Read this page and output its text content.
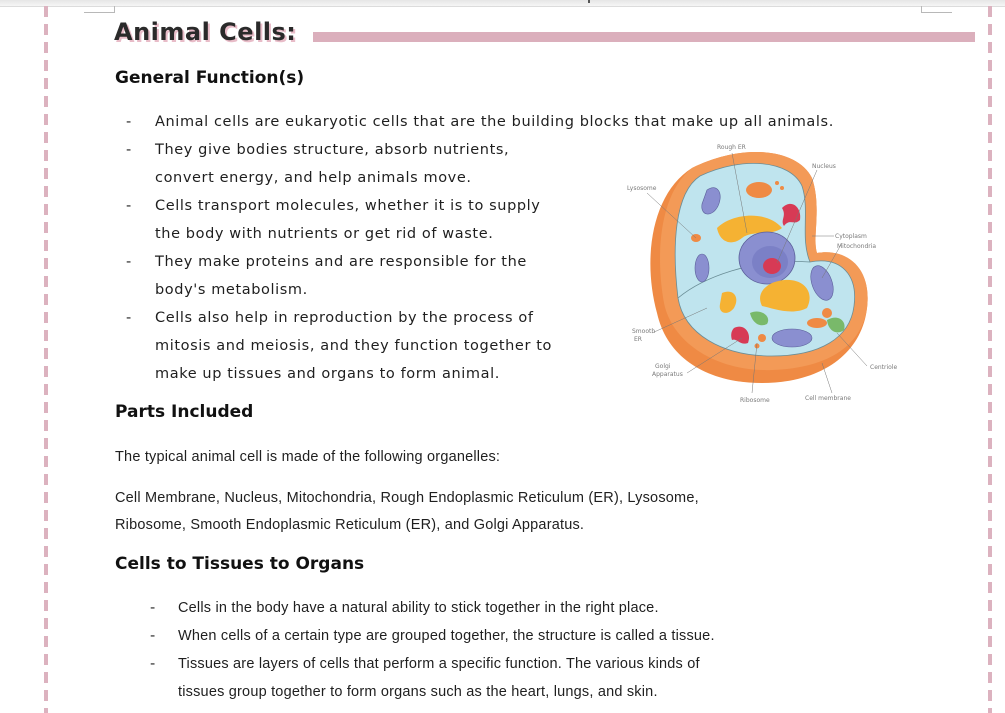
Animal Cells:
General Function(s)
- Animal cells are eukaryotic cells that are the building blocks that make up all animals.
- They give bodies structure, absorb nutrients,
convert energy, and help animals move.
- Cells transport molecules, whether it is to supply
the body with nutrients or get rid of waste.
- They make proteins and are responsible for the
body's metabolism.
- Cells also help in reproduction by the process of
mitosis and meiosis, and they function together to
make up tissues and organs to form animal.
Rough ER
Nucleus
Lysosome
Cytoplasm
Mitochondria
Smooth
ER
Golgi
Apparatus
Centriole
Ribosome	Cell membrane
Parts Included
The typical animal cell is made of the following organelles:
Cell Membrane, Nucleus, Mitochondria, Rough Endoplasmic Reticulum (ER), Lysosome,
Ribosome, Smooth Endoplasmic Reticulum (ER), and Golgi Apparatus.
Cells to Tissues to Organs
- Cells in the body have a natural ability to stick together in the right place.
- When cells of a certain type are grouped together, the structure is called a tissue.
- Tissues are layers of cells that perform a specific function. The various kinds of
tissues group together to form organs such as the heart, lungs, and skin.
